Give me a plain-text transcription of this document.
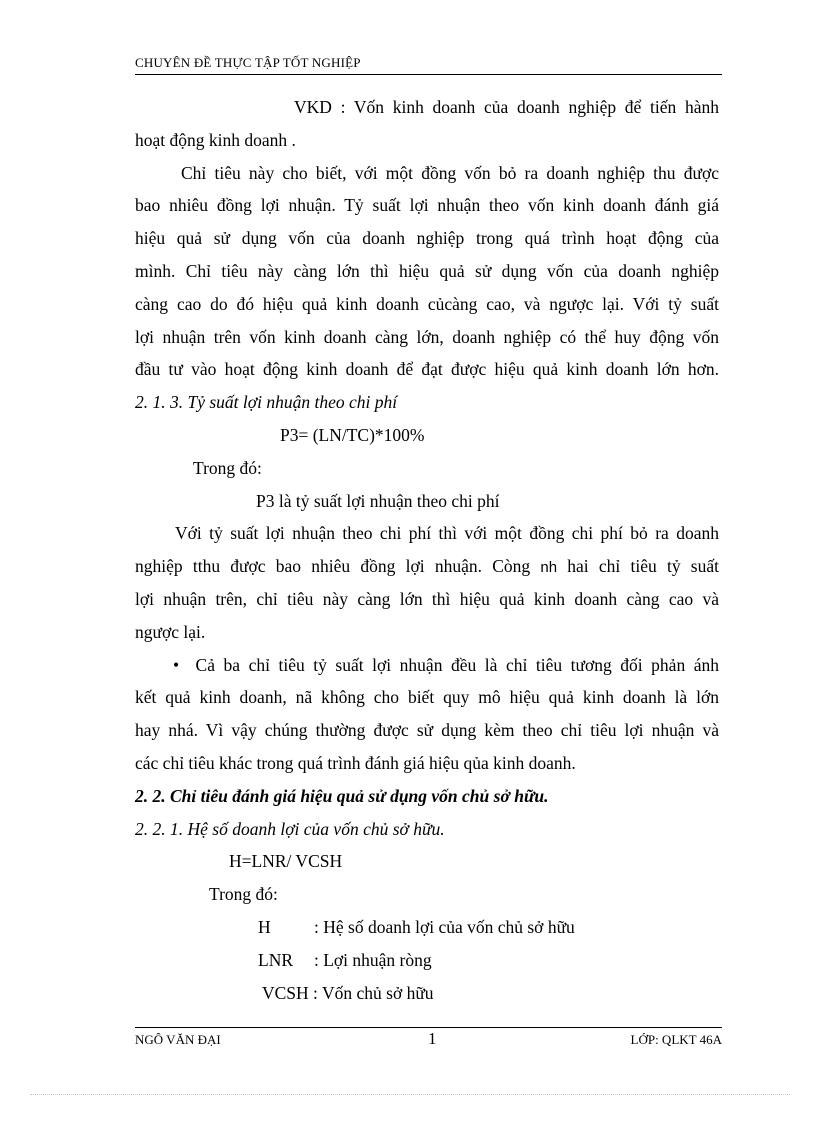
CHUYÊN ĐỀ THỰC TẬP TỐT NGHIỆP
VKD : Vốn kinh doanh của doanh nghiệp để tiến hành
hoạt động kinh doanh .
Chỉ tiêu này cho biết, với một đồng vốn bỏ ra doanh nghiệp thu được
bao nhiêu đồng lợi nhuận. Tỷ suất lợi nhuận theo vốn kinh doanh đánh giá
hiệu quả sử dụng vốn của doanh nghiệp trong quá trình hoạt động của
mình. Chỉ tiêu này càng lớn thì hiệu quả sử dụng vốn của doanh nghiệp
càng cao do đó hiệu quả kinh doanh củcàng cao, và ngược lại. Với tỷ suất
lợi nhuận trên vốn kinh doanh càng lớn, doanh nghiệp có thể huy động vốn
đầu tư vào hoạt động kinh doanh để đạt được hiệu quả kinh doanh lớn hơn.
2. 1. 3. Tỷ suất lợi nhuận theo chi phí
P3= (LN/TC)*100%
Trong đó:
P3 là tỷ suất lợi nhuận theo chi phí
Với tỷ suất lợi nhuận theo chi phí thì với một đồng chi phí bỏ ra doanh
nghiệp tthu được bao nhiêu đồng lợi nhuận. Còng nh hai chỉ tiêu tỷ suất
lợi nhuận trên, chỉ tiêu này càng lớn thì hiệu quả kinh doanh càng cao và
ngược lại.
• Cả ba chỉ tiêu tỷ suất lợi nhuận đều là chỉ tiêu tương đối phản ánh
kết quả kinh doanh, nã không cho biết quy mô hiệu quả kinh doanh là lớn
hay nhá. Vì vậy chúng thường được sử dụng kèm theo chỉ tiêu lợi nhuận và
các chỉ tiêu khác trong quá trình đánh giá hiệu qủa kinh doanh.
2. 2. Chỉ tiêu đánh giá hiệu quả sử dụng vốn chủ sở hữu.
2. 2. 1. Hệ số doanh lợi của vốn chủ sở hữu.
H=LNR/ VCSH
Trong đó:
H : Hệ số doanh lợi của vốn chủ sở hữu
LNR : Lợi nhuận ròng
VCSH : Vốn chủ sở hữu
NGÔ VĂN ĐẠI	1	LỚP: QLKT 46A
